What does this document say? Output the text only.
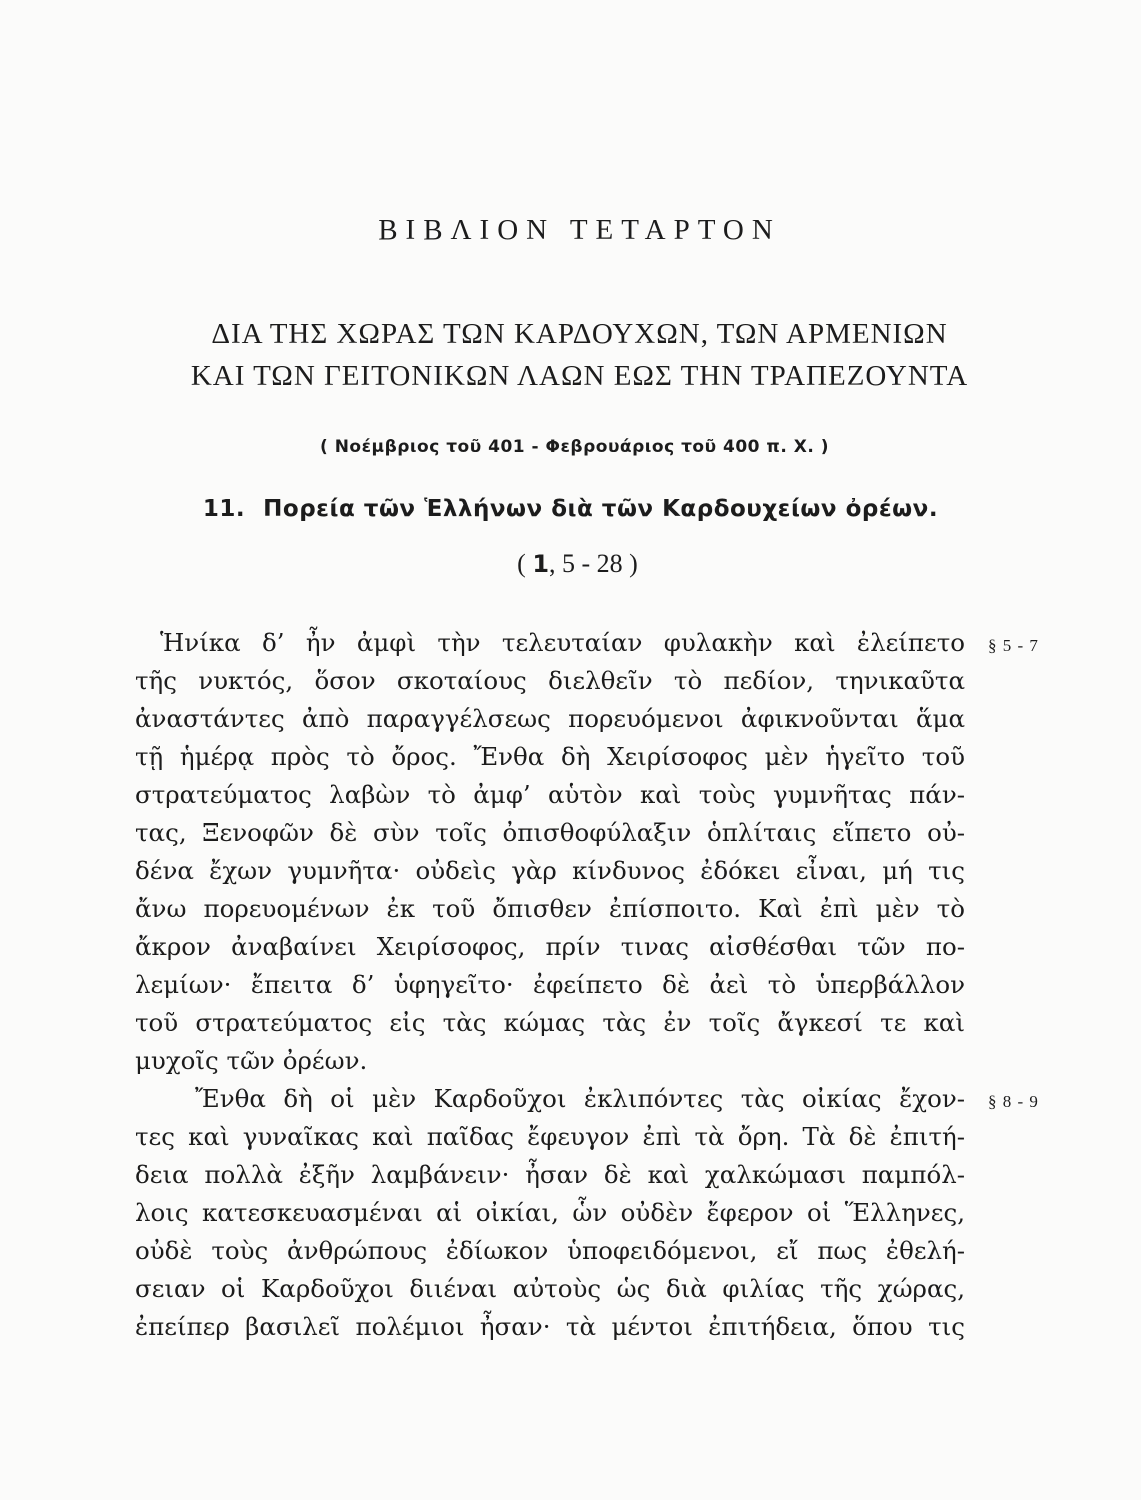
ΒΙΒΛΙΟΝ ΤΕΤΑΡΤΟΝ
ΔΙΑ ΤΗΣ ΧΩΡΑΣ ΤΩΝ ΚΑΡΔΟΥΧΩΝ, ΤΩΝ ΑΡΜΕΝΙΩΝ
ΚΑΙ ΤΩΝ ΓΕΙΤΟΝΙΚΩΝ ΛΑΩΝ ΕΩΣ ΤΗΝ ΤΡΑΠΕΖΟΥΝΤΑ
( Νοέμβριος τοῦ 401 - Φεβρουάριος τοῦ 400 π. Χ. )
11. Πορεία τῶν Ἑλλήνων διὰ τῶν Καρδουχείων ὀρέων.
( 1, 5 - 28 )
Ἡνίκα δ’ ἦν ἀμφὶ τὴν τελευταίαν φυλακὴν καὶ ἐλείπετο
τῆς νυκτός, ὅσον σκοταίους διελθεῖν τὸ πεδίον, τηνικαῦτα
ἀναστάντες ἀπὸ παραγγέλσεως πορευόμενοι ἀφικνοῦνται ἅμα
τῇ ἡμέρᾳ πρὸς τὸ ὄρος. Ἔνθα δὴ Χειρίσοφος μὲν ἡγεῖτο τοῦ
στρατεύματος λαβὼν τὸ ἀμφ’ αὑτὸν καὶ τοὺς γυμνῆτας πάν-
τας, Ξενοφῶν δὲ σὺν τοῖς ὀπισθοφύλαξιν ὁπλίταις εἵπετο οὐ-
δένα ἔχων γυμνῆτα· οὐδεὶς γὰρ κίνδυνος ἐδόκει εἶναι, μή τις
ἄνω πορευομένων ἐκ τοῦ ὄπισθεν ἐπίσποιτο. Καὶ ἐπὶ μὲν τὸ
ἄκρον ἀναβαίνει Χειρίσοφος, πρίν τινας αἰσθέσθαι τῶν πο-
λεμίων· ἔπειτα δ’ ὑφηγεῖτο· ἐφείπετο δὲ ἀεὶ τὸ ὑπερβάλλον
τοῦ στρατεύματος εἰς τὰς κώμας τὰς ἐν τοῖς ἄγκεσί τε καὶ
μυχοῖς τῶν ὀρέων.
Ἔνθα δὴ οἱ μὲν Καρδοῦχοι ἐκλιπόντες τὰς οἰκίας ἔχον-
τες καὶ γυναῖκας καὶ παῖδας ἔφευγον ἐπὶ τὰ ὄρη. Τὰ δὲ ἐπιτή-
δεια πολλὰ ἐξῆν λαμβάνειν· ἦσαν δὲ καὶ χαλκώμασι παμπόλ-
λοις κατεσκευασμέναι αἱ οἰκίαι, ὧν οὐδὲν ἔφερον οἱ Ἕλληνες,
οὐδὲ τοὺς ἀνθρώπους ἐδίωκον ὑποφειδόμενοι, εἴ πως ἐθελή-
σειαν οἱ Καρδοῦχοι διιέναι αὐτοὺς ὡς διὰ φιλίας τῆς χώρας,
ἐπείπερ βασιλεῖ πολέμιοι ἦσαν· τὰ μέντοι ἐπιτήδεια, ὅπου τις
§ 5 - 7
§ 8 - 9
